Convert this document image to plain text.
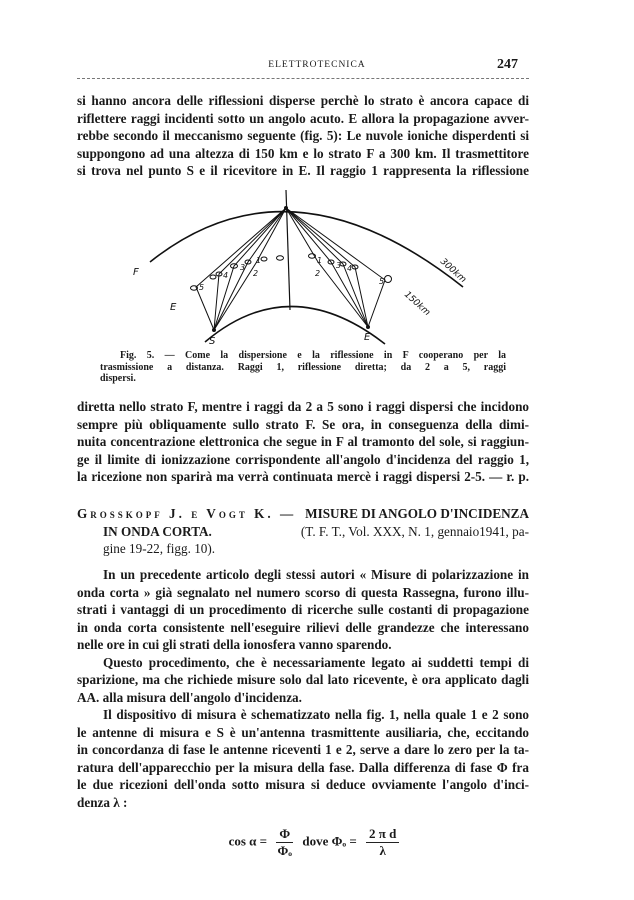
ELETTROTECNICA	247
si hanno ancora delle riflessioni disperse perchè lo strato è ancora capace di
riflettere raggi incidenti sotto un angolo acuto. E allora la propagazione avver-
rebbe secondo il meccanismo seguente (fig. 5): Le nuvole ioniche disperdenti si
suppongono ad una altezza di 150 km e lo strato F a 300 km. Il trasmettitore
si trova nel punto S e il ricevitore in E. Il raggio 1 rappresenta la riflessione
F
E
S	E
300km
150km
5
4
3
1
2
1
2
3 4
5
Fig. 5. — Come la dispersione e la riflessione in F cooperano per la
trasmissione a distanza. Raggi 1, riflessione diretta; da 2 a 5, raggi
dispersi.
diretta nello strato F, mentre i raggi da 2 a 5 sono i raggi dispersi che incidono
sempre più obliquamente sullo strato F. Se ora, in conseguenza della dimi-
nuita concentrazione elettronica che segue in F al tramonto del sole, si raggiun-
ge il limite di ionizzazione corrispondente all'angolo d'incidenza del raggio 1,
la ricezione non sparirà ma verrà continuata mercè i raggi dispersi 2-5. — r. p.
Grosskopf J. e Vogt K. — MISURE DI ANGOLO D'INCIDENZA
IN ONDA CORTA.	(T. F. T., Vol. XXX, N. 1, gennaio1941, pa-
gine 19-22, figg. 10).
In un precedente articolo degli stessi autori « Misure di polarizzazione in
onda corta » già segnalato nel numero scorso di questa Rassegna, furono illu-
strati i vantaggi di un procedimento di ricerche sulle costanti di propagazione
in onda corta consistente nell'eseguire rilievi delle grandezze che interessano
nelle ore in cui gli strati della ionosfera vanno sparendo.
Questo procedimento, che è necessariamente legato ai suddetti tempi di
sparizione, ma che richiede misure solo dal lato ricevente, è ora applicato dagli
AA. alla misura dell'angolo d'incidenza.
Il dispositivo di misura è schematizzato nella fig. 1, nella quale 1 e 2 sono
le antenne di misura e S è un'antenna trasmittente ausiliaria, che, eccitando
in concordanza di fase le antenne riceventi 1 e 2, serve a dare lo zero per la ta-
ratura dell'apparecchio per la misura della fase. Dalla differenza di fase Φ fra
le due ricezioni dell'onda sotto misura si deduce ovviamente l'angolo d'inci-
denza λ :
$\cos \alpha = \frac{\Phi}{\text{Φₒ}}$ dove $\Phi_o = \frac{\text{2 π d}}{\lambda}$
